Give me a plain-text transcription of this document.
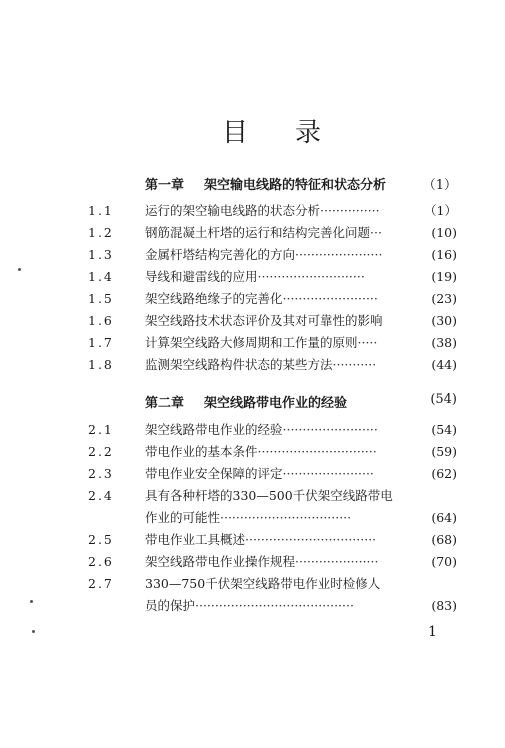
目 录
第一章 架空输电线路的特征和状态分析	（1）
1.1	运行的架空输电线路的状态分析···············	（1）
1.2	钢筋混凝土杆塔的运行和结构完善化问题···	(10)
1.3	金属杆塔结构完善化的方向······················	(16)
1.4	导线和避雷线的应用···························	(19)
1.5	架空线路绝缘子的完善化························	(23)
1.6	架空线路技术状态评价及其对可靠性的影响	(30)
1.7	计算架空线路大修周期和工作量的原则·····	(38)
1.8	监测架空线路构件状态的某些方法···········	(44)
第二章 架空线路带电作业的经验	(54)
2.1	架空线路带电作业的经验························	(54)
2.2	带电作业的基本条件······························	(59)
2.3	带电作业安全保障的评定·······················	(62)
2.4	具有各种杆塔的330—500千伏架空线路带电
作业的可能性·································	(64)
2.5	带电作业工具概述·································	(68)
2.6	架空线路带电作业操作规程·····················	(70)
2.7	330—750千伏架空线路带电作业时检修人
员的保护········································	(83)
1
